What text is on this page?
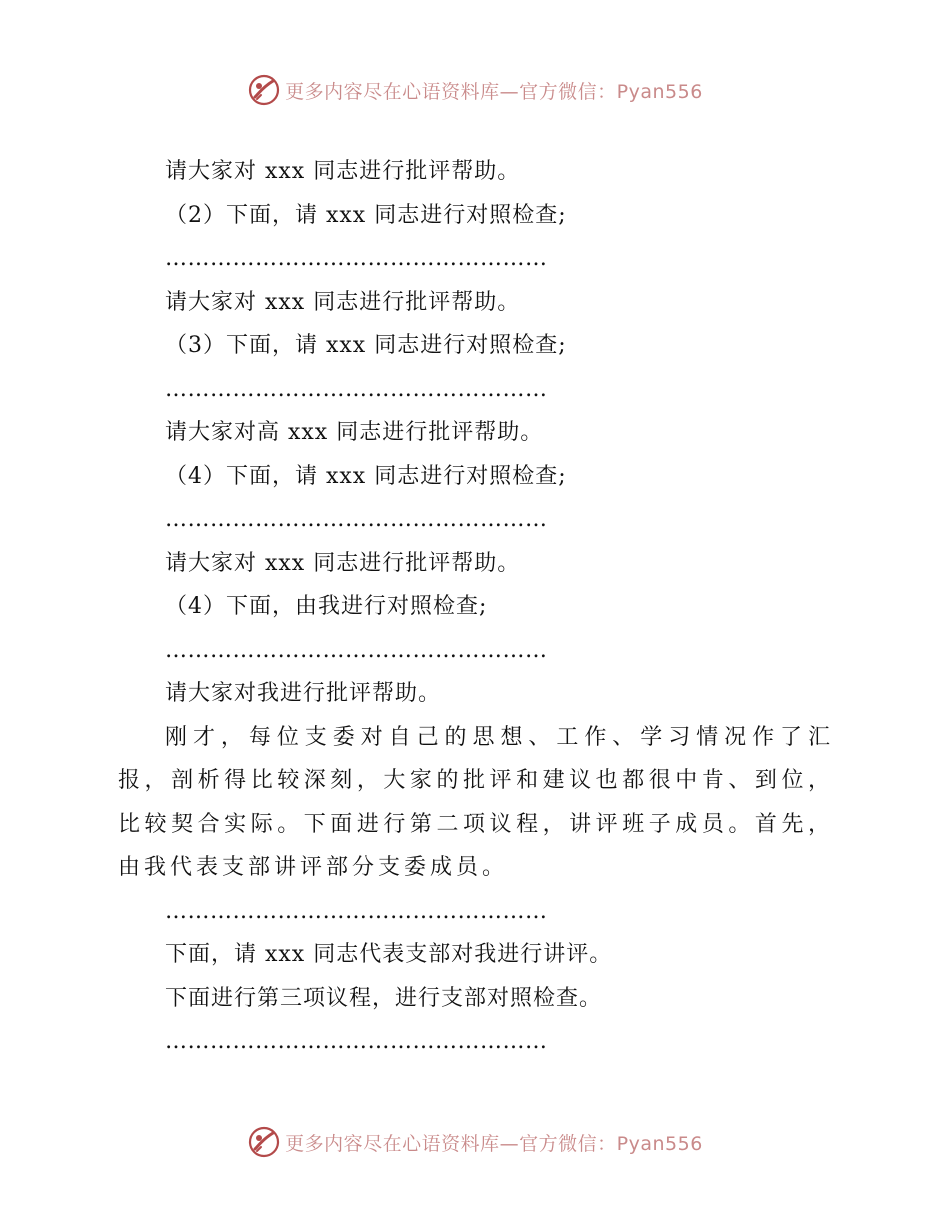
更多内容尽在心语资料库—官方微信：Pyan556

请大家对 xxx 同志进行批评帮助。

（2）下面，请 xxx 同志进行对照检查;

……………………………………………

请大家对 xxx 同志进行批评帮助。

（3）下面，请 xxx 同志进行对照检查;

……………………………………………

请大家对高 xxx 同志进行批评帮助。

（4）下面，请 xxx 同志进行对照检查;

……………………………………………

请大家对 xxx 同志进行批评帮助。

（4）下面，由我进行对照检查;

……………………………………………

请大家对我进行批评帮助。

刚才，每位支委对自己的思想、工作、学习情况作了汇报，剖析得比较深刻，大家的批评和建议也都很中肯、到位，比较契合实际。下面进行第二项议程，讲评班子成员。首先，由我代表支部讲评部分支委成员。

……………………………………………

下面，请 xxx 同志代表支部对我进行讲评。

下面进行第三项议程，进行支部对照检查。

……………………………………………

更多内容尽在心语资料库—官方微信：Pyan556
